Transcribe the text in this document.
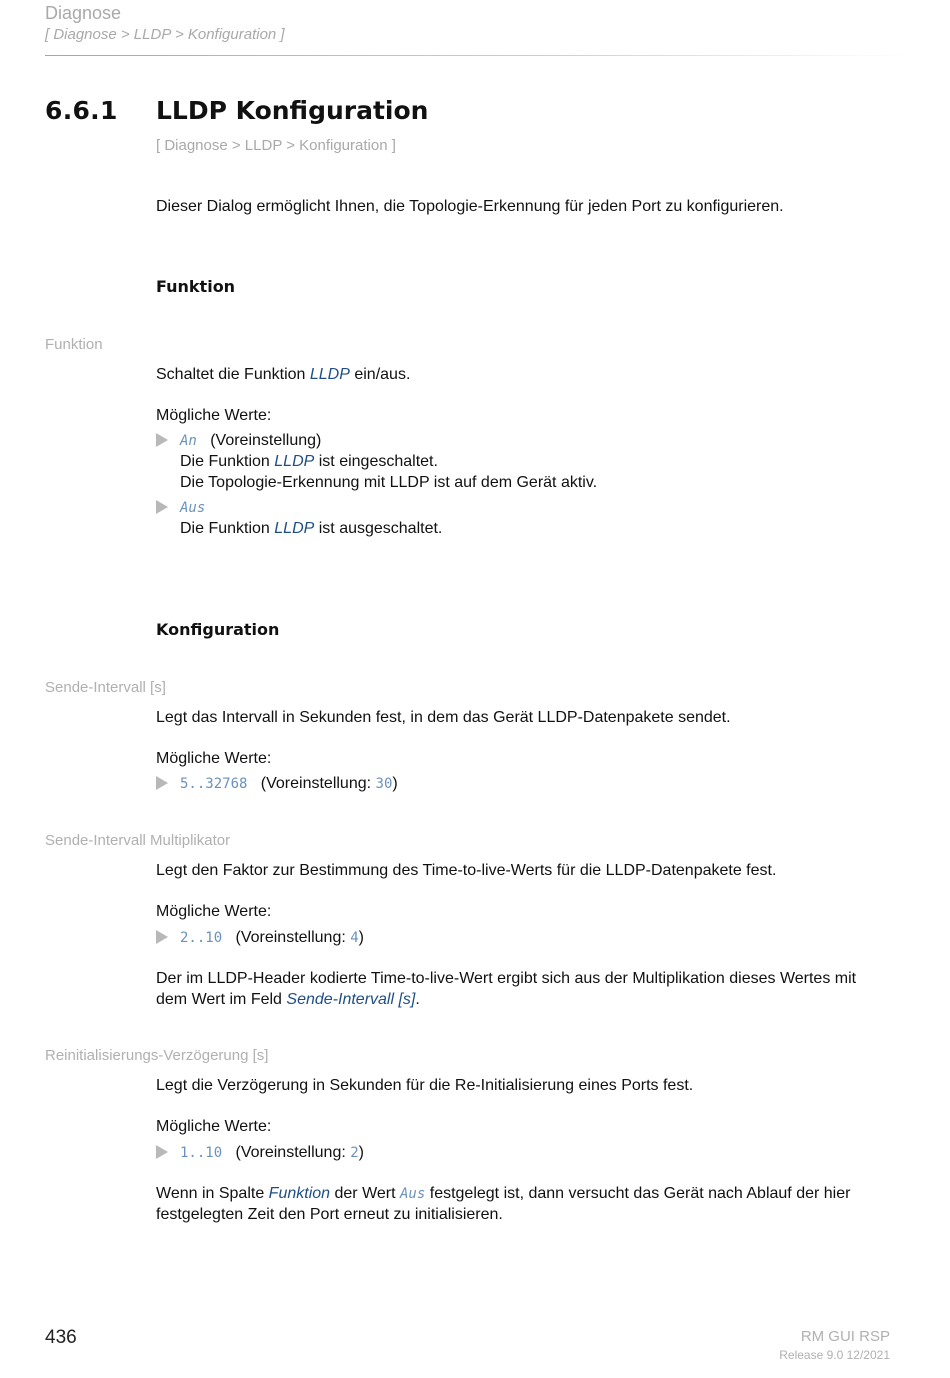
Diagnose
[ Diagnose > LLDP > Konfiguration ]
6.6.1 LLDP Konfiguration
[ Diagnose > LLDP > Konfiguration ]
Dieser Dialog ermöglicht Ihnen, die Topologie-Erkennung für jeden Port zu konfigurieren.
Funktion
Funktion
Schaltet die Funktion LLDP ein/aus.
Mögliche Werte:
An (Voreinstellung)
Die Funktion LLDP ist eingeschaltet.
Die Topologie-Erkennung mit LLDP ist auf dem Gerät aktiv.
Aus
Die Funktion LLDP ist ausgeschaltet.
Konfiguration
Sende-Intervall [s]
Legt das Intervall in Sekunden fest, in dem das Gerät LLDP-Datenpakete sendet.
Mögliche Werte:
5..32768 (Voreinstellung: 30)
Sende-Intervall Multiplikator
Legt den Faktor zur Bestimmung des Time-to-live-Werts für die LLDP-Datenpakete fest.
Mögliche Werte:
2..10 (Voreinstellung: 4)
Der im LLDP-Header kodierte Time-to-live-Wert ergibt sich aus der Multiplikation dieses Wertes mit
dem Wert im Feld Sende-Intervall [s].
Reinitialisierungs-Verzögerung [s]
Legt die Verzögerung in Sekunden für die Re-Initialisierung eines Ports fest.
Mögliche Werte:
1..10 (Voreinstellung: 2)
Wenn in Spalte Funktion der Wert Aus festgelegt ist, dann versucht das Gerät nach Ablauf der hier
festgelegten Zeit den Port erneut zu initialisieren.
436	RM GUI RSP
Release 9.0 12/2021
